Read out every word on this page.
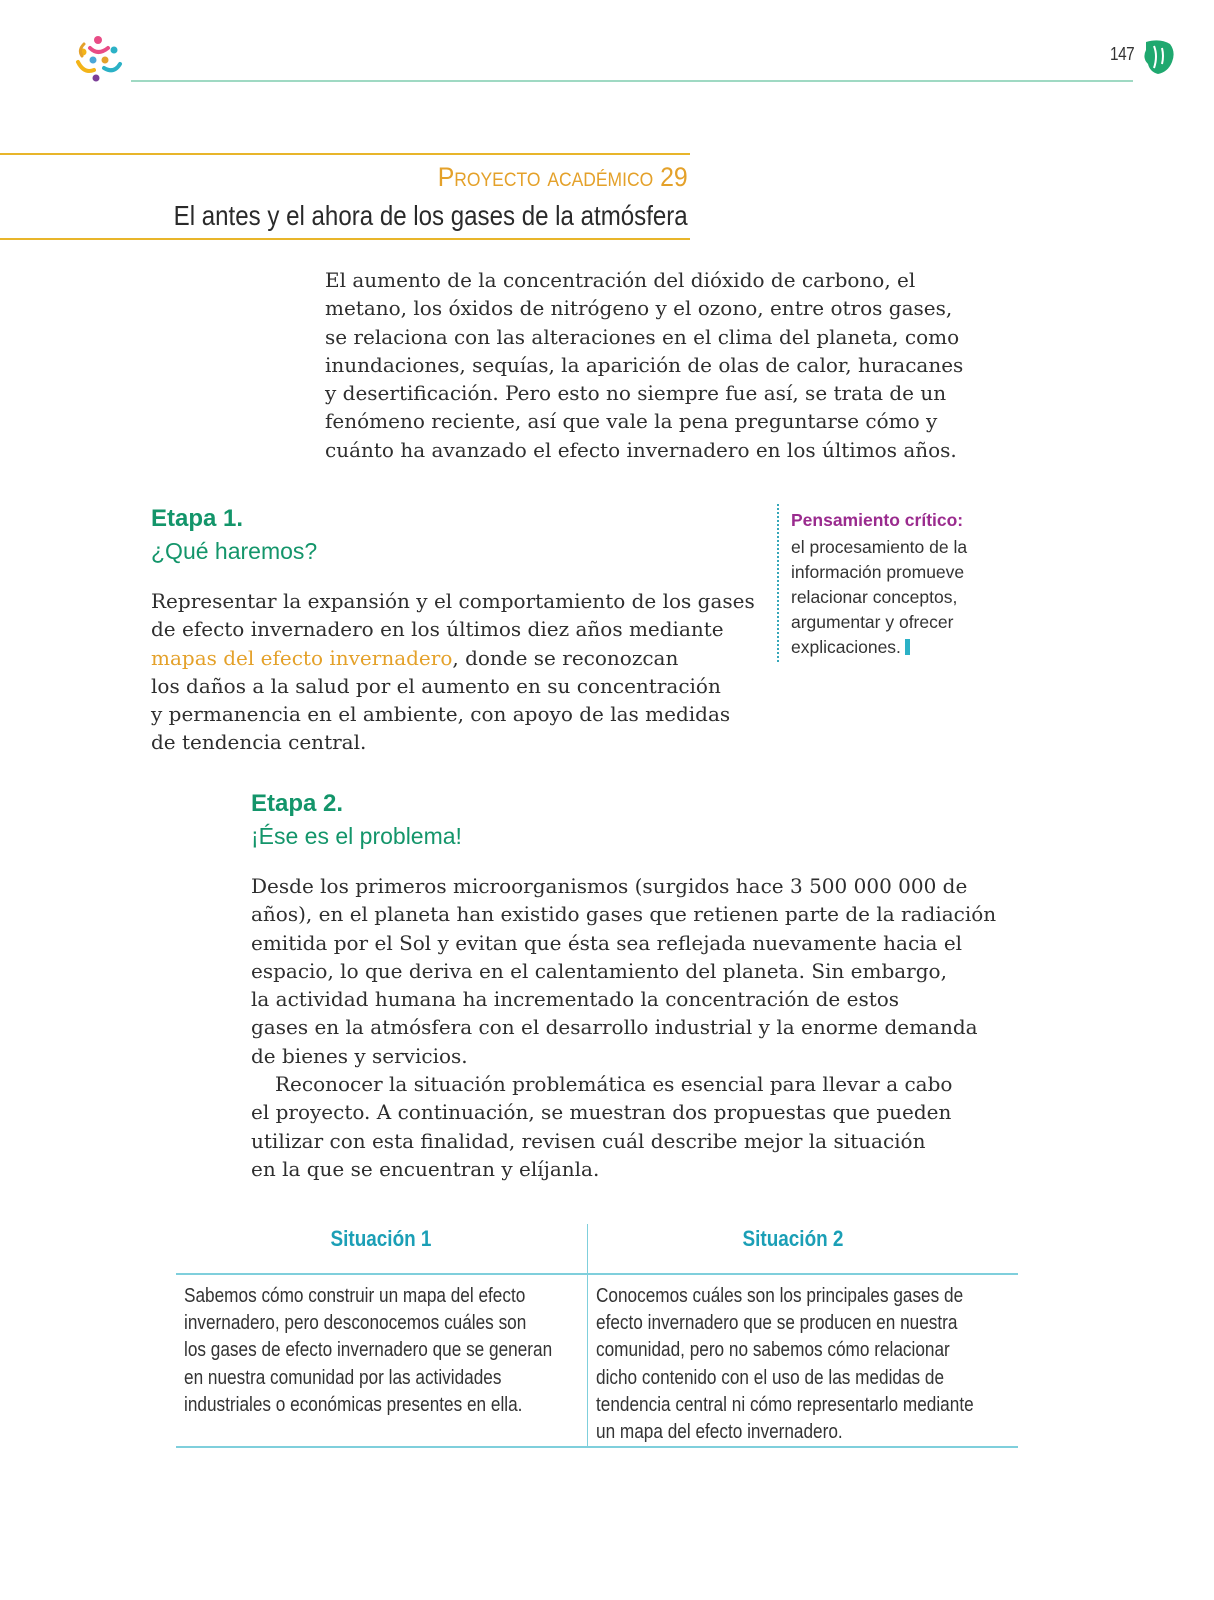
147
Proyecto académico 29
El antes y el ahora de los gases de la atmósfera
El aumento de la concentración del dióxido de carbono, el
metano, los óxidos de nitrógeno y el ozono, entre otros gases,
se relaciona con las alteraciones en el clima del planeta, como
inundaciones, sequías, la aparición de olas de calor, huracanes
y desertificación. Pero esto no siempre fue así, se trata de un
fenómeno reciente, así que vale la pena preguntarse cómo y
cuánto ha avanzado el efecto invernadero en los últimos años.
Etapa 1.
¿Qué haremos?
Representar la expansión y el comportamiento de los gases
de efecto invernadero en los últimos diez años mediante
mapas del efecto invernadero, donde se reconozcan
los daños a la salud por el aumento en su concentración
y permanencia en el ambiente, con apoyo de las medidas
de tendencia central.
Pensamiento crítico:
el procesamiento de la
información promueve
relacionar conceptos,
argumentar y ofrecer
explicaciones.
Etapa 2.
¡Ése es el problema!
Desde los primeros microorganismos (surgidos hace 3 500 000 000 de
años), en el planeta han existido gases que retienen parte de la radiación
emitida por el Sol y evitan que ésta sea reflejada nuevamente hacia el
espacio, lo que deriva en el calentamiento del planeta. Sin embargo,
la actividad humana ha incrementado la concentración de estos
gases en la atmósfera con el desarrollo industrial y la enorme demanda
de bienes y servicios.
Reconocer la situación problemática es esencial para llevar a cabo
el proyecto. A continuación, se muestran dos propuestas que pueden
utilizar con esta finalidad, revisen cuál describe mejor la situación
en la que se encuentran y elíjanla.
Situación 1	Situación 2
Sabemos cómo construir un mapa del efecto
invernadero, pero desconocemos cuáles son
los gases de efecto invernadero que se generan
en nuestra comunidad por las actividades
industriales o económicas presentes en ella.
Conocemos cuáles son los principales gases de
efecto invernadero que se producen en nuestra
comunidad, pero no sabemos cómo relacionar
dicho contenido con el uso de las medidas de
tendencia central ni cómo representarlo mediante
un mapa del efecto invernadero.
